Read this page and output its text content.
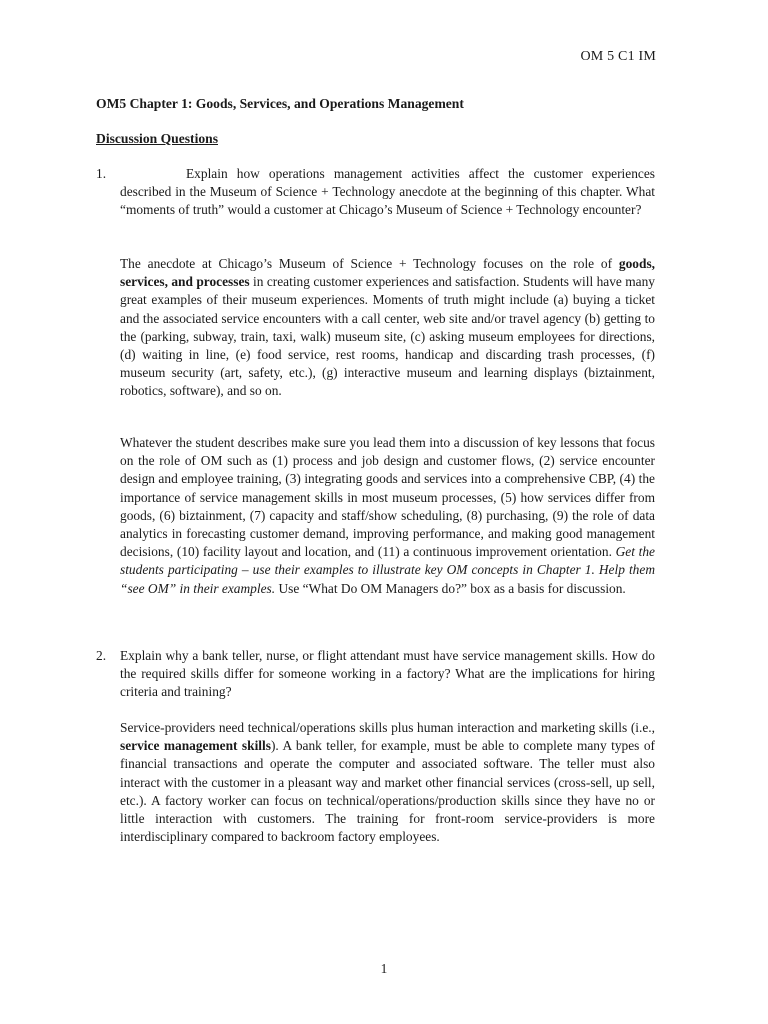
OM 5 C1 IM
OM5 Chapter 1: Goods, Services, and Operations Management
Discussion Questions
1.	Explain how operations management activities affect the customer experiences described in the Museum of Science + Technology anecdote at the beginning of this chapter. What “moments of truth” would a customer at Chicago’s Museum of Science + Technology encounter?
The anecdote at Chicago’s Museum of Science + Technology focuses on the role of goods, services, and processes in creating customer experiences and satisfaction. Students will have many great examples of their museum experiences. Moments of truth might include (a) buying a ticket and the associated service encounters with a call center, web site and/or travel agency (b) getting to the (parking, subway, train, taxi, walk) museum site, (c) asking museum employees for directions, (d) waiting in line, (e) food service, rest rooms, handicap and discarding trash processes, (f) museum security (art, safety, etc.), (g) interactive museum and learning displays (biztainment, robotics, software), and so on.
Whatever the student describes make sure you lead them into a discussion of key lessons that focus on the role of OM such as (1) process and job design and customer flows, (2) service encounter design and employee training, (3) integrating goods and services into a comprehensive CBP, (4) the importance of service management skills in most museum processes, (5) how services differ from goods, (6) biztainment, (7) capacity and staff/show scheduling, (8) purchasing, (9) the role of data analytics in forecasting customer demand, improving performance, and making good management decisions, (10) facility layout and location, and (11) a continuous improvement orientation. Get the students participating – use their examples to illustrate key OM concepts in Chapter 1. Help them “see OM” in their examples. Use “What Do OM Managers do?” box as a basis for discussion.
2. Explain why a bank teller, nurse, or flight attendant must have service management skills. How do the required skills differ for someone working in a factory? What are the implications for hiring criteria and training?
Service-providers need technical/operations skills plus human interaction and marketing skills (i.e., service management skills). A bank teller, for example, must be able to complete many types of financial transactions and operate the computer and associated software. The teller must also interact with the customer in a pleasant way and market other financial services (cross-sell, up sell, etc.). A factory worker can focus on technical/operations/production skills since they have no or little interaction with customers. The training for front-room service-providers is more interdisciplinary compared to backroom factory employees.
1
